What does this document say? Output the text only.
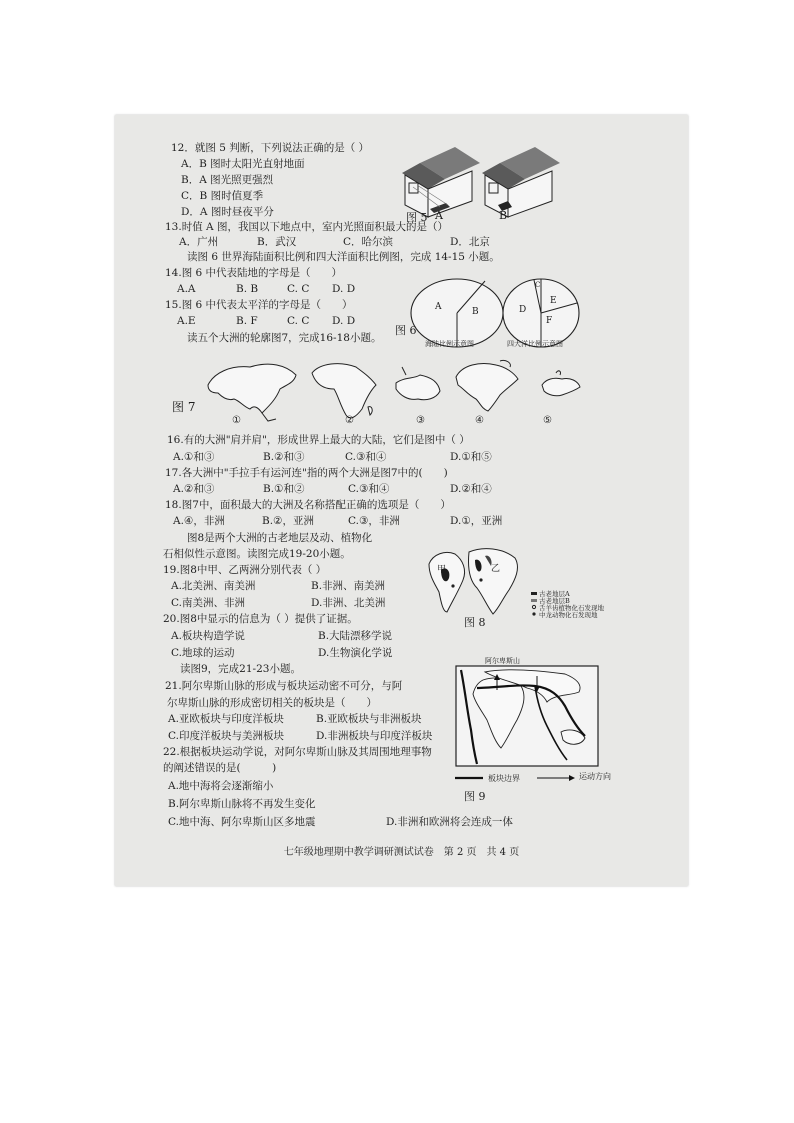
12．就图 5 判断，下列说法正确的是（ ）
A．B 图时太阳光直射地面
B．A 图光照更强烈
C．B 图时值夏季
D．A 图时昼夜平分	图 5 A	B
13.时值 A 图，我国以下地点中，室内光照面积最大的是（）
A．广州	B．武汉	C．哈尔滨	D．北京
读图 6 世界海陆面积比例和四大洋面积比例图，完成 14-15 小题。
14.图 6 中代表陆地的字母是（　　）
A.A	B. B	C. C D. D
15.图 6 中代表太平洋的字母是（　　）
A.E	B. F	C. C D. D
A	B
C
D
E
F
图 6
海陆比例示意图	四大洋比例示意图
读五个大洲的轮廓图7，完成16-18小题。
图 7
①	②	③	④	⑤
16.有的大洲"肩并肩"，形成世界上最大的大陆，它们是图中（ ）
A.①和③	B.②和③	C.③和④	D.①和⑤
17.各大洲中"手拉手有运河连"指的两个大洲是图7中的(　　)
A.②和③	B.①和②	C.③和④	D.②和④
18.图7中，面积最大的大洲及名称搭配正确的选项是（　　）
A.④，非洲	B.②，亚洲	C.③，非洲	D.①，亚洲
图8是两个大洲的古老地层及动、植物化
石相似性示意图。读图完成19-20小题。
甲	乙
古老地层A
古老地层B
舌羊齿植物化石发现地
中龙动物化石发现地
图 8
19.图8中甲、乙两洲分别代表（ ）
A.北美洲、南美洲	B.非洲、南美洲
C.南美洲、非洲	D.非洲、北美洲
20.图8中显示的信息为（ ）提供了证据。
A.板块构造学说	B.大陆漂移学说
C.地球的运动	D.生物演化学说
读图9，完成21-23小题。
阿尔卑斯山
板块边界	运动方向
图 9
21.阿尔卑斯山脉的形成与板块运动密不可分，与阿
尔卑斯山脉的形成密切相关的板块是（　　）
A.亚欧板块与印度洋板块	B.亚欧板块与非洲板块
C.印度洋板块与美洲板块	D.非洲板块与印度洋板块
22.根据板块运动学说，对阿尔卑斯山脉及其周围地理事物
的阐述错误的是(　　　)
A.地中海将会逐渐缩小
B.阿尔卑斯山脉将不再发生变化
C.地中海、阿尔卑斯山区多地震	D.非洲和欧洲将会连成一体
七年级地理期中教学调研测试试卷　第 2 页　共 4 页
